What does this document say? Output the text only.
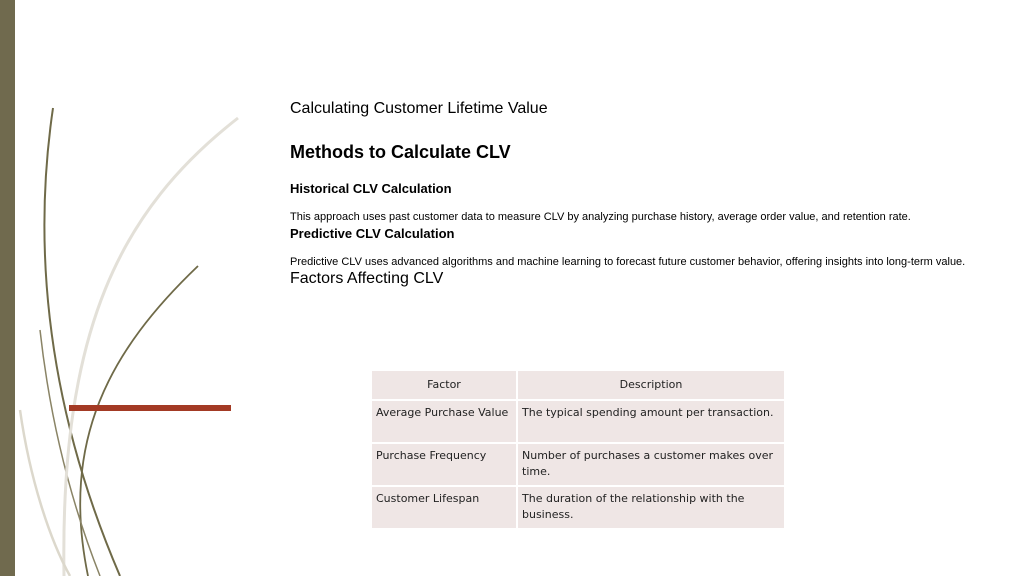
Calculating Customer Lifetime Value
Methods to Calculate CLV
Historical CLV Calculation
This approach uses past customer data to measure CLV by analyzing purchase history, average order value, and retention rate.
Predictive CLV Calculation
Predictive CLV uses advanced algorithms and machine learning to forecast future customer behavior, offering insights into long-term value.
Factors Affecting CLV
Factor	Description
Average Purchase Value	The typical spending amount per transaction.
Purchase Frequency	Number of purchases a customer makes over time.
Customer Lifespan	The duration of the relationship with the business.
